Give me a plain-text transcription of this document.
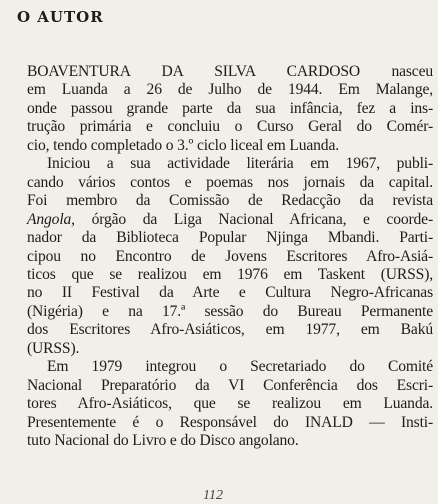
O AUTOR
BOAVENTURA DA SILVA CARDOSO nasceu
em Luanda a 26 de Julho de 1944. Em Malange,
onde passou grande parte da sua infância, fez a ins-
trução primária e concluiu o Curso Geral do Comér-
cio, tendo completado o 3.º ciclo liceal em Luanda.
Iniciou a sua actividade literária em 1967, publi-
cando vários contos e poemas nos jornais da capital.
Foi membro da Comissão de Redacção da revista
Angola, órgão da Liga Nacional Africana, e coorde-
nador da Biblioteca Popular Njinga Mbandi. Parti-
cipou no Encontro de Jovens Escritores Afro-Asiá-
ticos que se realizou em 1976 em Taskent (URSS),
no II Festival da Arte e Cultura Negro-Africanas
(Nigéria) e na 17.ª sessão do Bureau Permanente
dos Escritores Afro-Asiáticos, em 1977, em Bakú
(URSS).
Em 1979 integrou o Secretariado do Comité
Nacional Preparatório da VI Conferência dos Escri-
tores Afro-Asiáticos, que se realizou em Luanda.
Presentemente é o Responsável do INALD — Insti-
tuto Nacional do Livro e do Disco angolano.
112
